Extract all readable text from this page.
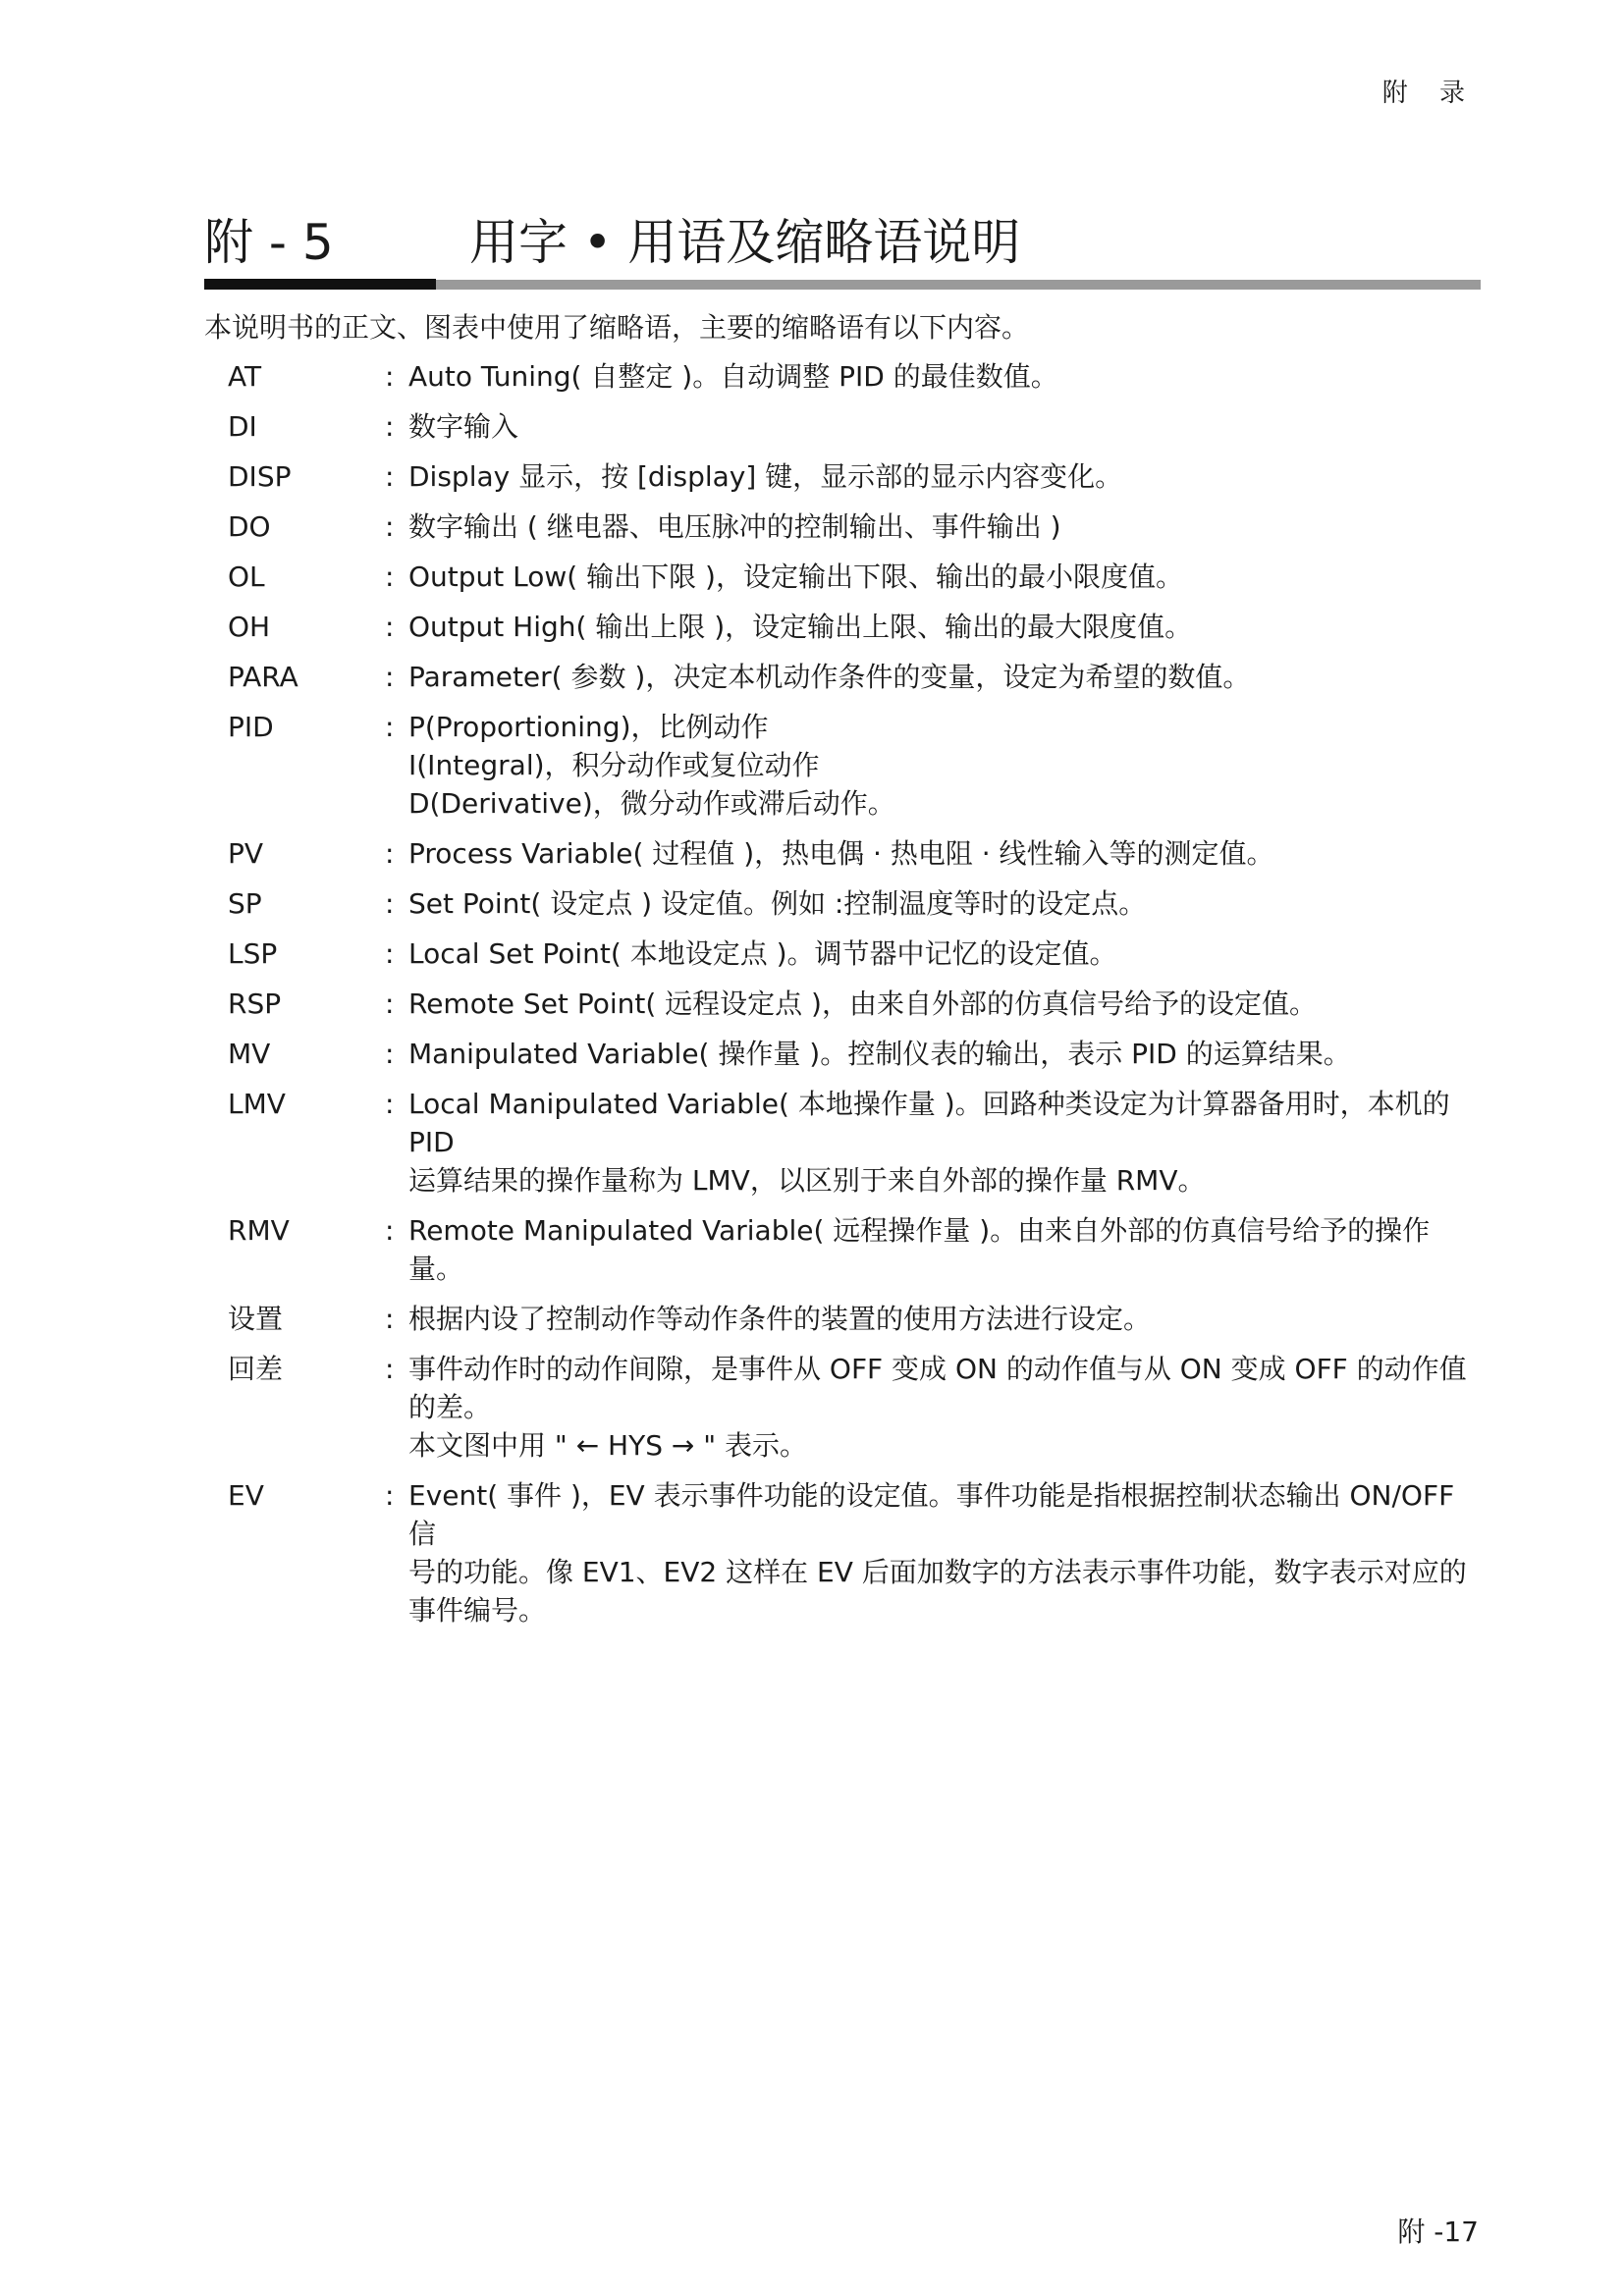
附 录
附 - 5	用字 • 用语及缩略语说明
本说明书的正文、图表中使用了缩略语，主要的缩略语有以下内容。
AT	: Auto Tuning( 自整定 )。自动调整 PID 的最佳数值。
DI	: 数字输入
DISP	: Display 显示，按 [display] 键，显示部的显示内容变化。
DO	: 数字输出 ( 继电器、电压脉冲的控制输出、事件输出 )
OL	: Output Low( 输出下限 )，设定输出下限、输出的最小限度值。
OH	: Output High( 输出上限 )，设定输出上限、输出的最大限度值。
PARA	: Parameter( 参数 )，决定本机动作条件的变量，设定为希望的数值。
PID	: P(Proportioning)，比例动作
I(Integral)，积分动作或复位动作
D(Derivative)，微分动作或滞后动作。
PV	: Process Variable( 过程值 )，热电偶 · 热电阻 · 线性输入等的测定值。
SP	: Set Point( 设定点 ) 设定值。例如 :控制温度等时的设定点。
LSP	: Local Set Point( 本地设定点 )。调节器中记忆的设定值。
RSP	: Remote Set Point( 远程设定点 )，由来自外部的仿真信号给予的设定值。
MV	: Manipulated Variable( 操作量 )。控制仪表的输出，表示 PID 的运算结果。
LMV	: Local Manipulated Variable( 本地操作量 )。回路种类设定为计算器备用时，本机的 PID
运算结果的操作量称为 LMV，以区别于来自外部的操作量 RMV。
RMV	: Remote Manipulated Variable( 远程操作量 )。由来自外部的仿真信号给予的操作量。
设置	: 根据内设了控制动作等动作条件的装置的使用方法进行设定。
回差	: 事件动作时的动作间隙，是事件从 OFF 变成 ON 的动作值与从 ON 变成 OFF 的动作值
的差。
本文图中用 " ← HYS → " 表示。
EV	: Event( 事件 )，EV 表示事件功能的设定值。事件功能是指根据控制状态输出 ON/OFF 信
号的功能。像 EV1、EV2 这样在 EV 后面加数字的方法表示事件功能，数字表示对应的
事件编号。
附 -17
